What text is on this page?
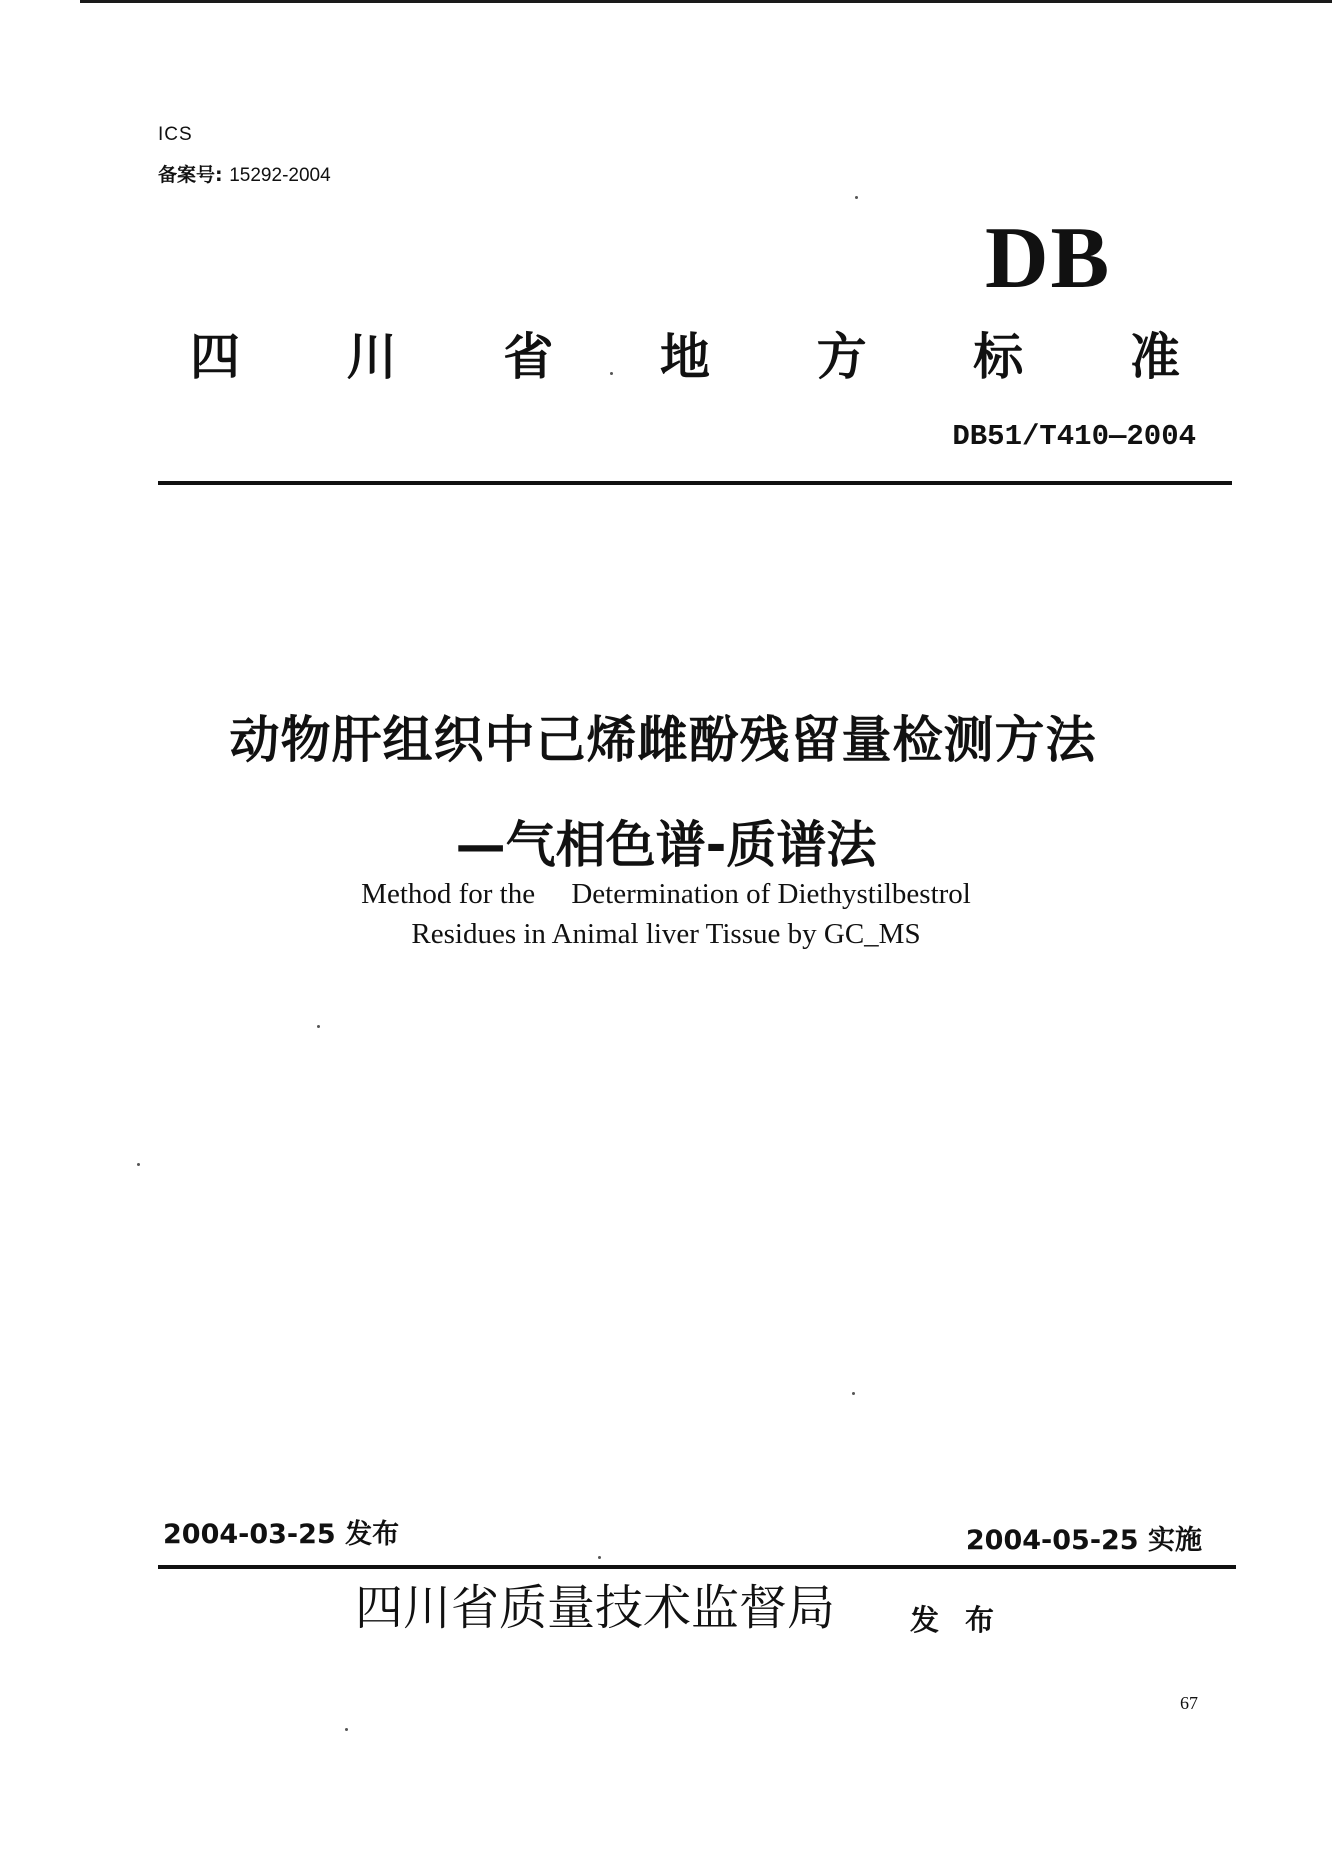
ICS
备案号: 15292-2004
DB
四 川 省 地 方 标 准
DB51/T410—2004
动物肝组织中己烯雌酚残留量检测方法
—气相色谱-质谱法
Method for the  Determination of Diethystilbestrol
Residues in Animal liver Tissue by GC_MS
2004-03-25 发布	2004-05-25 实施
四川省质量技术监督局	发布
67
